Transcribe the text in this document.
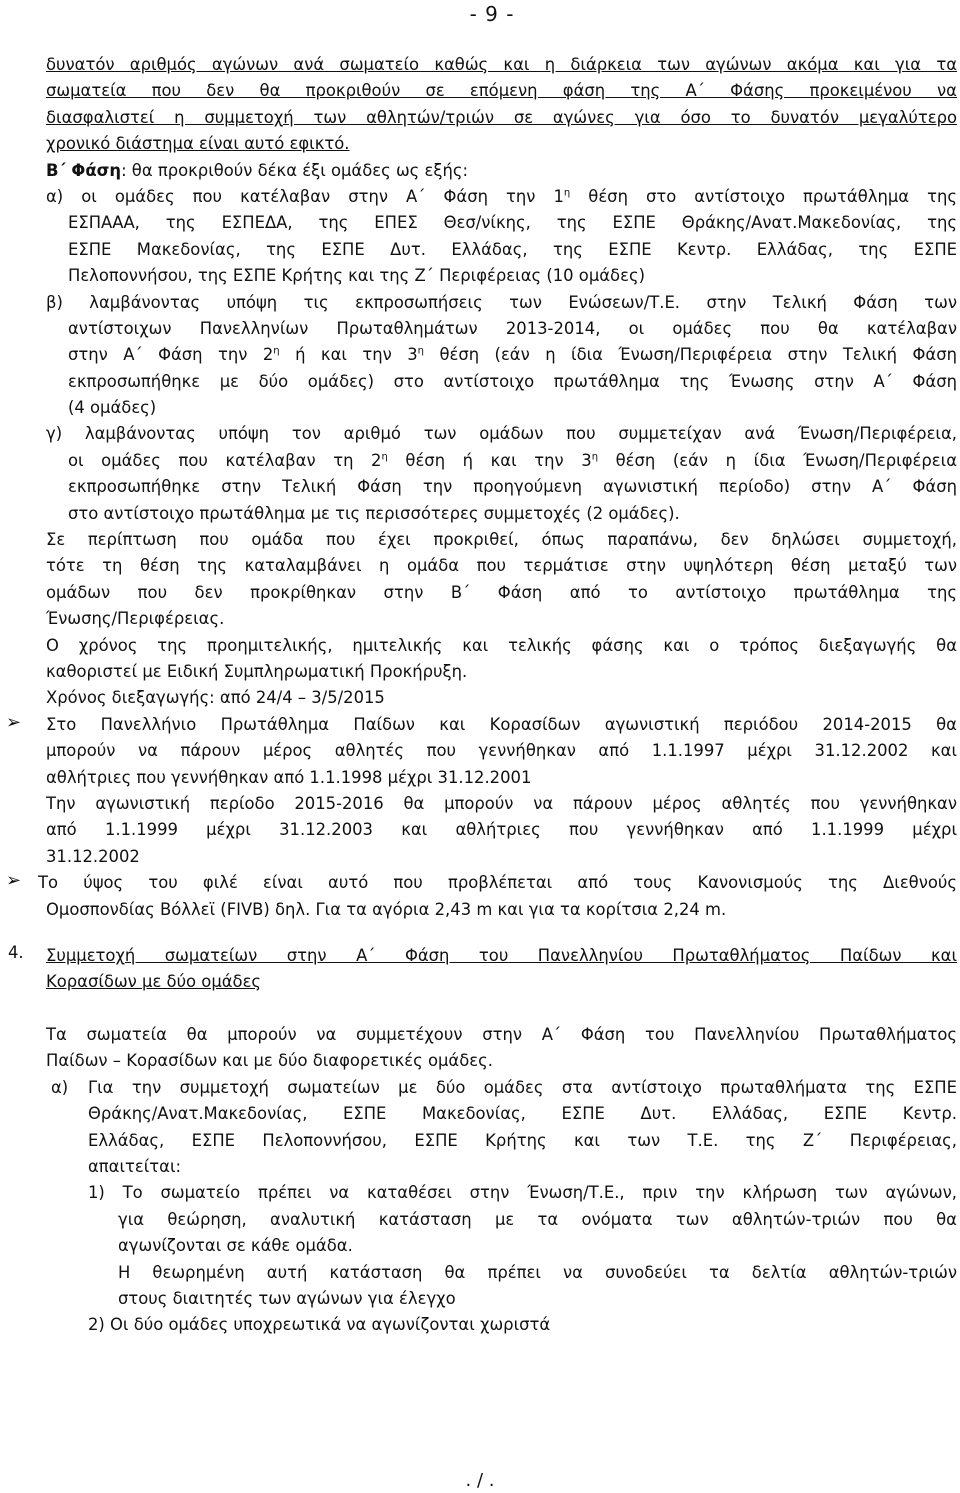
- 9 -
δυνατόν αριθμός αγώνων ανά σωματείο καθώς και η διάρκεια των αγώνων ακόμα και για τα
σωματεία που δεν θα προκριθούν σε επόμενη φάση της Α΄ Φάσης προκειμένου να
διασφαλιστεί η συμμετοχή των αθλητών/τριών σε αγώνες για όσο το δυνατόν μεγαλύτερο
χρονικό διάστημα είναι αυτό εφικτό.
Β΄ Φάση: θα προκριθούν δέκα έξι ομάδες ως εξής:
α) οι ομάδες που κατέλαβαν στην Α΄ Φάση την $1^\eta$ θέση στο αντίστοιχο πρωτάθλημα της
ΕΣΠΑΑΑ, της ΕΣΠΕΔΑ, της ΕΠΕΣ Θεσ/νίκης, της ΕΣΠΕ Θράκης/Ανατ.Μακεδονίας, της
ΕΣΠΕ Μακεδονίας, της ΕΣΠΕ Δυτ. Ελλάδας, της ΕΣΠΕ Κεντρ. Ελλάδας, της ΕΣΠΕ
Πελοποννήσου, της ΕΣΠΕ Κρήτης και της Ζ΄ Περιφέρειας (10 ομάδες)
β) λαμβάνοντας υπόψη τις εκπροσωπήσεις των Ενώσεων/Τ.Ε. στην Τελική Φάση των
αντίστοιχων Πανελληνίων Πρωταθλημάτων 2013-2014, οι ομάδες που θα κατέλαβαν
στην Α΄ Φάση την $2^\eta$ ή και την $3^\eta$ θέση (εάν η ίδια Ένωση/Περιφέρεια στην Τελική Φάση
εκπροσωπήθηκε με δύο ομάδες) στο αντίστοιχο πρωτάθλημα της Ένωσης στην Α΄ Φάση
(4 ομάδες)
γ) λαμβάνοντας υπόψη τον αριθμό των ομάδων που συμμετείχαν ανά Ένωση/Περιφέρεια,
οι ομάδες που κατέλαβαν τη $2^\eta$ θέση ή και την $3^\eta$ θέση (εάν η ίδια Ένωση/Περιφέρεια
εκπροσωπήθηκε στην Τελική Φάση την προηγούμενη αγωνιστική περίοδο) στην Α΄ Φάση
στο αντίστοιχο πρωτάθλημα με τις περισσότερες συμμετοχές (2 ομάδες).
Σε περίπτωση που ομάδα που έχει προκριθεί, όπως παραπάνω, δεν δηλώσει συμμετοχή,
τότε τη θέση της καταλαμβάνει η ομάδα που τερμάτισε στην υψηλότερη θέση μεταξύ των
ομάδων που δεν προκρίθηκαν στην Β΄ Φάση από το αντίστοιχο πρωτάθλημα της
Ένωσης/Περιφέρειας.
Ο χρόνος της προημιτελικής, ημιτελικής και τελικής φάσης και ο τρόπος διεξαγωγής θα
καθοριστεί με Ειδική Συμπληρωματική Προκήρυξη.
Χρόνος διεξαγωγής: από 24/4 – 3/5/2015
➢ Στο Πανελλήνιο Πρωτάθλημα Παίδων και Κορασίδων αγωνιστική περιόδου 2014-2015 θα
μπορούν να πάρουν μέρος αθλητές που γεννήθηκαν από 1.1.1997 μέχρι 31.12.2002 και
αθλήτριες που γεννήθηκαν από 1.1.1998 μέχρι 31.12.2001
Την αγωνιστική περίοδο 2015-2016 θα μπορούν να πάρουν μέρος αθλητές που γεννήθηκαν
από 1.1.1999 μέχρι 31.12.2003 και αθλήτριες που γεννήθηκαν από 1.1.1999 μέχρι
31.12.2002
➢ Το ύψος του φιλέ είναι αυτό που προβλέπεται από τους Κανονισμούς της Διεθνούς
Ομοσπονδίας Βόλλεϊ (FIVB) δηλ. Για τα αγόρια 2,43 m και για τα κορίτσια 2,24 m.
4. Συμμετοχή σωματείων στην Α΄ Φάση του Πανελληνίου Πρωταθλήματος Παίδων και
Κορασίδων με δύο ομάδες
Τα σωματεία θα μπορούν να συμμετέχουν στην Α΄ Φάση του Πανελληνίου Πρωταθλήματος
Παίδων – Κορασίδων και με δύο διαφορετικές ομάδες.
α) Για την συμμετοχή σωματείων με δύο ομάδες στα αντίστοιχο πρωταθλήματα της ΕΣΠΕ
Θράκης/Ανατ.Μακεδονίας, ΕΣΠΕ Μακεδονίας, ΕΣΠΕ Δυτ. Ελλάδας, ΕΣΠΕ Κεντρ.
Ελλάδας, ΕΣΠΕ Πελοποννήσου, ΕΣΠΕ Κρήτης και των Τ.Ε. της Ζ΄ Περιφέρειας,
απαιτείται:
1) Το σωματείο πρέπει να καταθέσει στην Ένωση/Τ.Ε., πριν την κλήρωση των αγώνων,
για θεώρηση, αναλυτική κατάσταση με τα ονόματα των αθλητών-τριών που θα
αγωνίζονται σε κάθε ομάδα.
Η θεωρημένη αυτή κατάσταση θα πρέπει να συνοδεύει τα δελτία αθλητών-τριών
στους διαιτητές των αγώνων για έλεγχο
2) Οι δύο ομάδες υποχρεωτικά να αγωνίζονται χωριστά
. / .
